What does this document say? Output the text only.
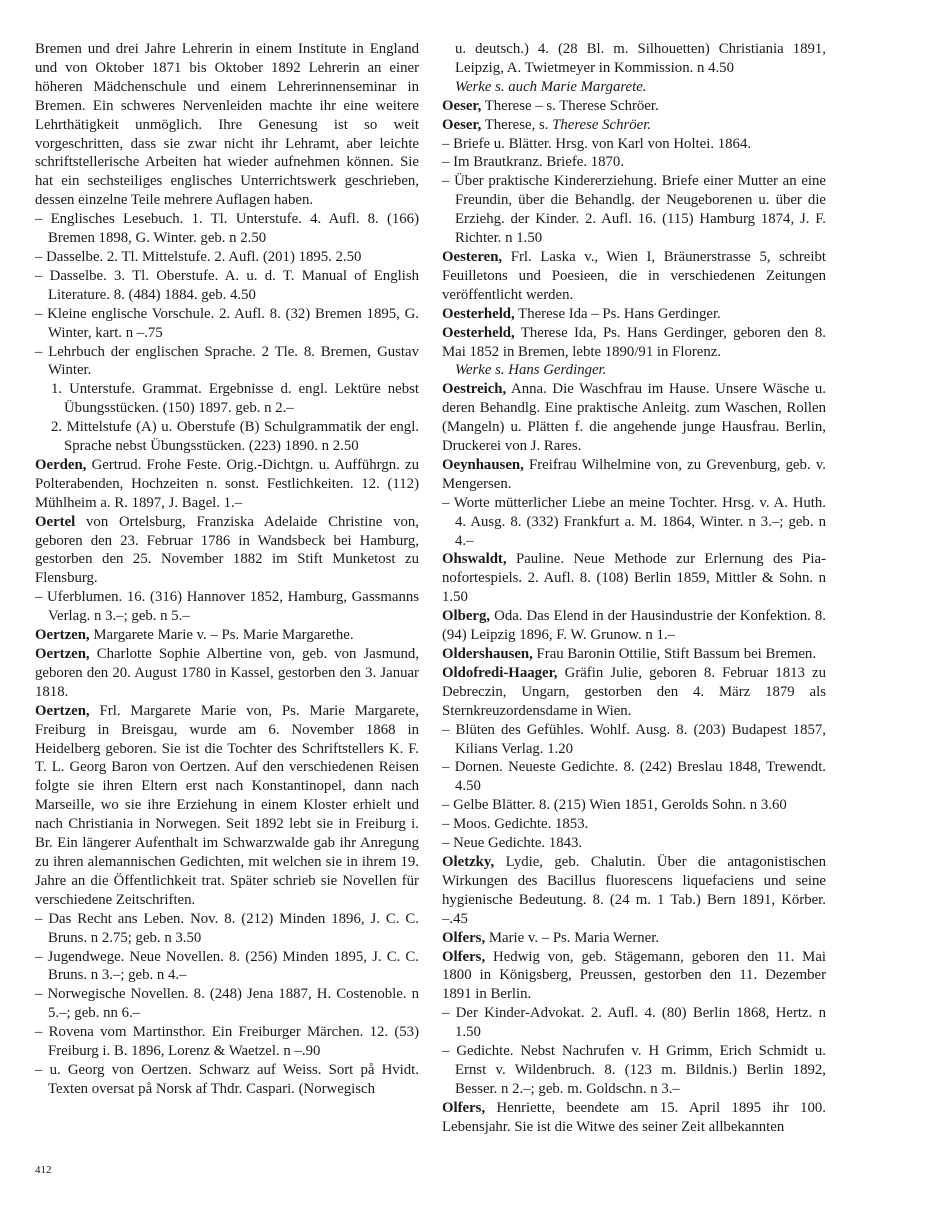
Bremen und drei Jahre Lehrerin in einem Institute in England und von Oktober 1871 bis Oktober 1892 Lehrerin an einer höheren Mädchenschule und einem Lehrerinnenseminar in Bremen. Ein schweres Nervenleiden machte ihr eine weitere Lehrthätigkeit unmöglich. Ihre Genesung ist so weit vorgeschritten, dass sie zwar nicht ihr Lehramt, aber leichte schriftstellerische Arbeiten hat wieder aufnehmen können. Sie hat ein sechsteiliges englisches Unterrichtswerk geschrieben, dessen einzelne Teile mehrere Auflagen haben.

– Englisches Lesebuch. 1. Tl. Unterstufe. 4. Aufl. 8. (166) Bremen 1898, G. Winter. geb. n 2.50

– Dasselbe. 2. Tl. Mittelstufe. 2. Aufl. (201) 1895. 2.50

– Dasselbe. 3. Tl. Oberstufe. A. u. d. T. Manual of English Literature. 8. (484) 1884. geb. 4.50

– Kleine englische Vorschule. 2. Aufl. 8. (32) Bremen 1895, G. Winter, kart. n –.75

– Lehrbuch der englischen Sprache. 2 Tle. 8. Bremen, Gustav Winter.

1. Unterstufe. Grammat. Ergebnisse d. engl. Lektüre nebst Übungsstücken. (150) 1897. geb. n 2.–

2. Mittelstufe (A) u. Oberstufe (B) Schulgrammatik der engl. Sprache nebst Übungsstücken. (223) 1890. n 2.50

Oerden, Gertrud. Frohe Feste. Orig.-Dichtgn. u. Aufführgn. zu Polterabenden, Hochzeiten n. sonst. Festlichkeiten. 12. (112) Mühlheim a. R. 1897, J. Bagel. 1.–

Oertel von Ortelsburg, Franziska Adelaide Christine von, geboren den 23. Februar 1786 in Wandsbeck bei Hamburg, gestorben den 25. November 1882 im Stift Munketost zu Flensburg.

– Uferblumen. 16. (316) Hannover 1852, Hamburg, Gassmanns Verlag. n 3.–; geb. n 5.–

Oertzen, Margarete Marie v. – Ps. Marie Margarethe.

Oertzen, Charlotte Sophie Albertine von, geb. von Jasmund, geboren den 20. August 1780 in Kassel, gestorben den 3. Januar 1818.

Oertzen, Frl. Margarete Marie von, Ps. Marie Margarete, Freiburg in Breisgau, wurde am 6. November 1868 in Heidelberg geboren. Sie ist die Tochter des Schriftstellers K. F. T. L. Georg Baron von Oertzen. Auf den verschiedenen Reisen folgte sie ihren Eltern erst nach Konstantinopel, dann nach Marseille, wo sie ihre Erziehung in einem Kloster erhielt und nach Christiania in Norwegen. Seit 1892 lebt sie in Freiburg i. Br. Ein längerer Aufenthalt im Schwarzwalde gab ihr Anregung zu ihren alemannischen Gedichten, mit welchen sie in ihrem 19. Jahre an die Öffentlichkeit trat. Später schrieb sie Novellen für verschiedene Zeitschriften.

– Das Recht ans Leben. Nov. 8. (212) Minden 1896, J. C. C. Bruns. n 2.75; geb. n 3.50

– Jugendwege. Neue Novellen. 8. (256) Minden 1895, J. C. C. Bruns. n 3.–; geb. n 4.–

– Norwegische Novellen. 8. (248) Jena 1887, H. Costenoble. n 5.–; geb. nn 6.–

– Rovena vom Martinsthor. Ein Freiburger Märchen. 12. (53) Freiburg i. B. 1896, Lorenz & Waetzel. n –.90

– u. Georg von Oertzen. Schwarz auf Weiss. Sort på Hvidt. Texten oversat på Norsk af Thdr. Caspari. (Norwegisch

u. deutsch.) 4. (28 Bl. m. Silhouetten) Christiania 1891, Leipzig, A. Twietmeyer in Kommission. n 4.50

Werke s. auch Marie Margarete.

Oeser, Therese – s. Therese Schröer.

Oeser, Therese, s. Therese Schröer.

– Briefe u. Blätter. Hrsg. von Karl von Holtei. 1864.

– Im Brautkranz. Briefe. 1870.

– Über praktische Kindererziehung. Briefe einer Mutter an eine Freundin, über die Behandlg. der Neugeborenen u. über die Erziehg. der Kinder. 2. Aufl. 16. (115) Hamburg 1874, J. F. Richter. n 1.50

Oesteren, Frl. Laska v., Wien I, Bräunerstrasse 5, schreibt Feuilletons und Poesieen, die in verschiedenen Zeitungen veröffentlicht werden.

Oesterheld, Therese Ida – Ps. Hans Gerdinger.

Oesterheld, Therese Ida, Ps. Hans Gerdinger, geboren den 8. Mai 1852 in Bremen, lebte 1890/91 in Florenz.

Werke s. Hans Gerdinger.

Oestreich, Anna. Die Waschfrau im Hause. Unsere Wäsche u. deren Behandlg. Eine praktische Anleitg. zum Waschen, Rollen (Mangeln) u. Plätten f. die angehende junge Hausfrau. Berlin, Druckerei von J. Rares.

Oeynhausen, Freifrau Wilhelmine von, zu Grevenburg, geb. v. Mengersen.

– Worte mütterlicher Liebe an meine Tochter. Hrsg. v. A. Huth. 4. Ausg. 8. (332) Frankfurt a. M. 1864, Winter. n 3.–; geb. n 4.–

Ohswaldt, Pauline. Neue Methode zur Erlernung des Pianofortespiels. 2. Aufl. 8. (108) Berlin 1859, Mittler & Sohn. n 1.50

Olberg, Oda. Das Elend in der Hausindustrie der Konfektion. 8. (94) Leipzig 1896, F. W. Grunow. n 1.–

Oldershausen, Frau Baronin Ottilie, Stift Bassum bei Bremen.

Oldofredi-Haager, Gräfin Julie, geboren 8. Februar 1813 zu Debreczin, Ungarn, gestorben den 4. März 1879 als Sternkreuzordensdame in Wien.

– Blüten des Gefühles. Wohlf. Ausg. 8. (203) Budapest 1857, Kilians Verlag. 1.20

– Dornen. Neueste Gedichte. 8. (242) Breslau 1848, Trewendt. 4.50

– Gelbe Blätter. 8. (215) Wien 1851, Gerolds Sohn. n 3.60

– Moos. Gedichte. 1853.

– Neue Gedichte. 1843.

Oletzky, Lydie, geb. Chalutin. Über die antagonistischen Wirkungen des Bacillus fluorescens liquefaciens und seine hygienische Bedeutung. 8. (24 m. 1 Tab.) Bern 1891, Körber. –.45

Olfers, Marie v. – Ps. Maria Werner.

Olfers, Hedwig von, geb. Stägemann, geboren den 11. Mai 1800 in Königsberg, Preussen, gestorben den 11. Dezember 1891 in Berlin.

– Der Kinder-Advokat. 2. Aufl. 4. (80) Berlin 1868, Hertz. n 1.50

– Gedichte. Nebst Nachrufen v. H Grimm, Erich Schmidt u. Ernst v. Wildenbruch. 8. (123 m. Bildnis.) Berlin 1892, Besser. n 2.–; geb. m. Goldschn. n 3.–

Olfers, Henriette, beendete am 15. April 1895 ihr 100. Lebensjahr. Sie ist die Witwe des seiner Zeit allbekannten

412
